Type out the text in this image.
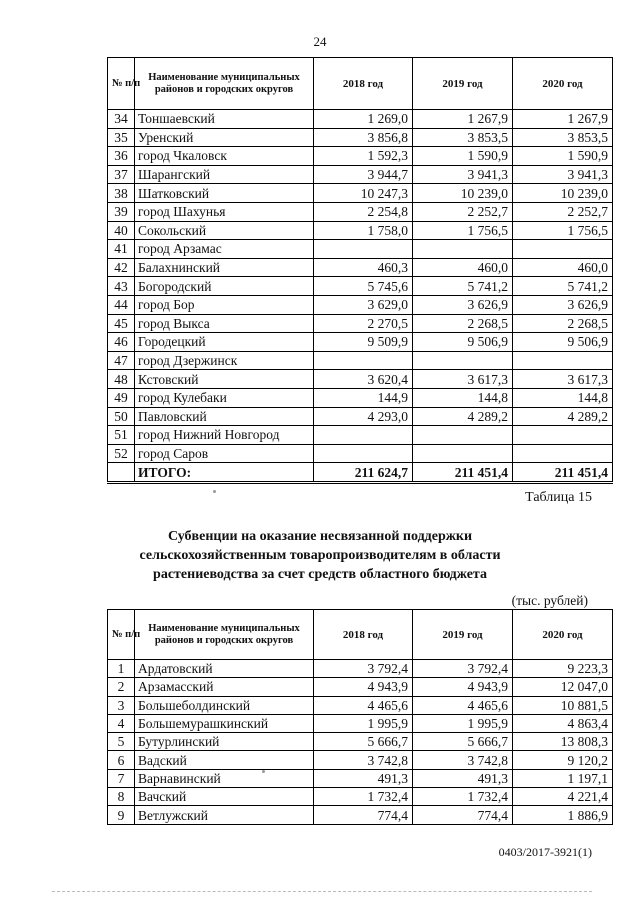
24
№ п/п	Наименование муниципальных районов и городских округов	2018 год	2019 год	2020 год
34	Тоншаевский	1 269,0	1 267,9	1 267,9
35	Уренский	3 856,8	3 853,5	3 853,5
36	город Чкаловск	1 592,3	1 590,9	1 590,9
37	Шарангский	3 944,7	3 941,3	3 941,3
38	Шатковский	10 247,3	10 239,0	10 239,0
39	город Шахунья	2 254,8	2 252,7	2 252,7
40	Сокольский	1 758,0	1 756,5	1 756,5
41	город Арзамас			
42	Балахнинский	460,3	460,0	460,0
43	Богородский	5 745,6	5 741,2	5 741,2
44	город Бор	3 629,0	3 626,9	3 626,9
45	город Выкса	2 270,5	2 268,5	2 268,5
46	Городецкий	9 509,9	9 506,9	9 506,9
47	город Дзержинск			
48	Кстовский	3 620,4	3 617,3	3 617,3
49	город Кулебаки	144,9	144,8	144,8
50	Павловский	4 293,0	4 289,2	4 289,2
51	город Нижний Новгород			
52	город Саров			
	ИТОГО:	211 624,7	211 451,4	211 451,4
Таблица 15
Субвенции на оказание несвязанной поддержки
сельскохозяйственным товаропроизводителям в области
растениеводства за счет средств областного бюджета
(тыс. рублей)
№ п/п	Наименование муниципальных районов и городских округов	2018 год	2019 год	2020 год
1	Ардатовский	3 792,4	3 792,4	9 223,3
2	Арзамасский	4 943,9	4 943,9	12 047,0
3	Большеболдинский	4 465,6	4 465,6	10 881,5
4	Большемурашкинский	1 995,9	1 995,9	4 863,4
5	Бутурлинский	5 666,7	5 666,7	13 808,3
6	Вадский	3 742,8	3 742,8	9 120,2
7	Варнавинский	491,3	491,3	1 197,1
8	Вачский	1 732,4	1 732,4	4 221,4
9	Ветлужский	774,4	774,4	1 886,9
0403/2017-3921(1)
